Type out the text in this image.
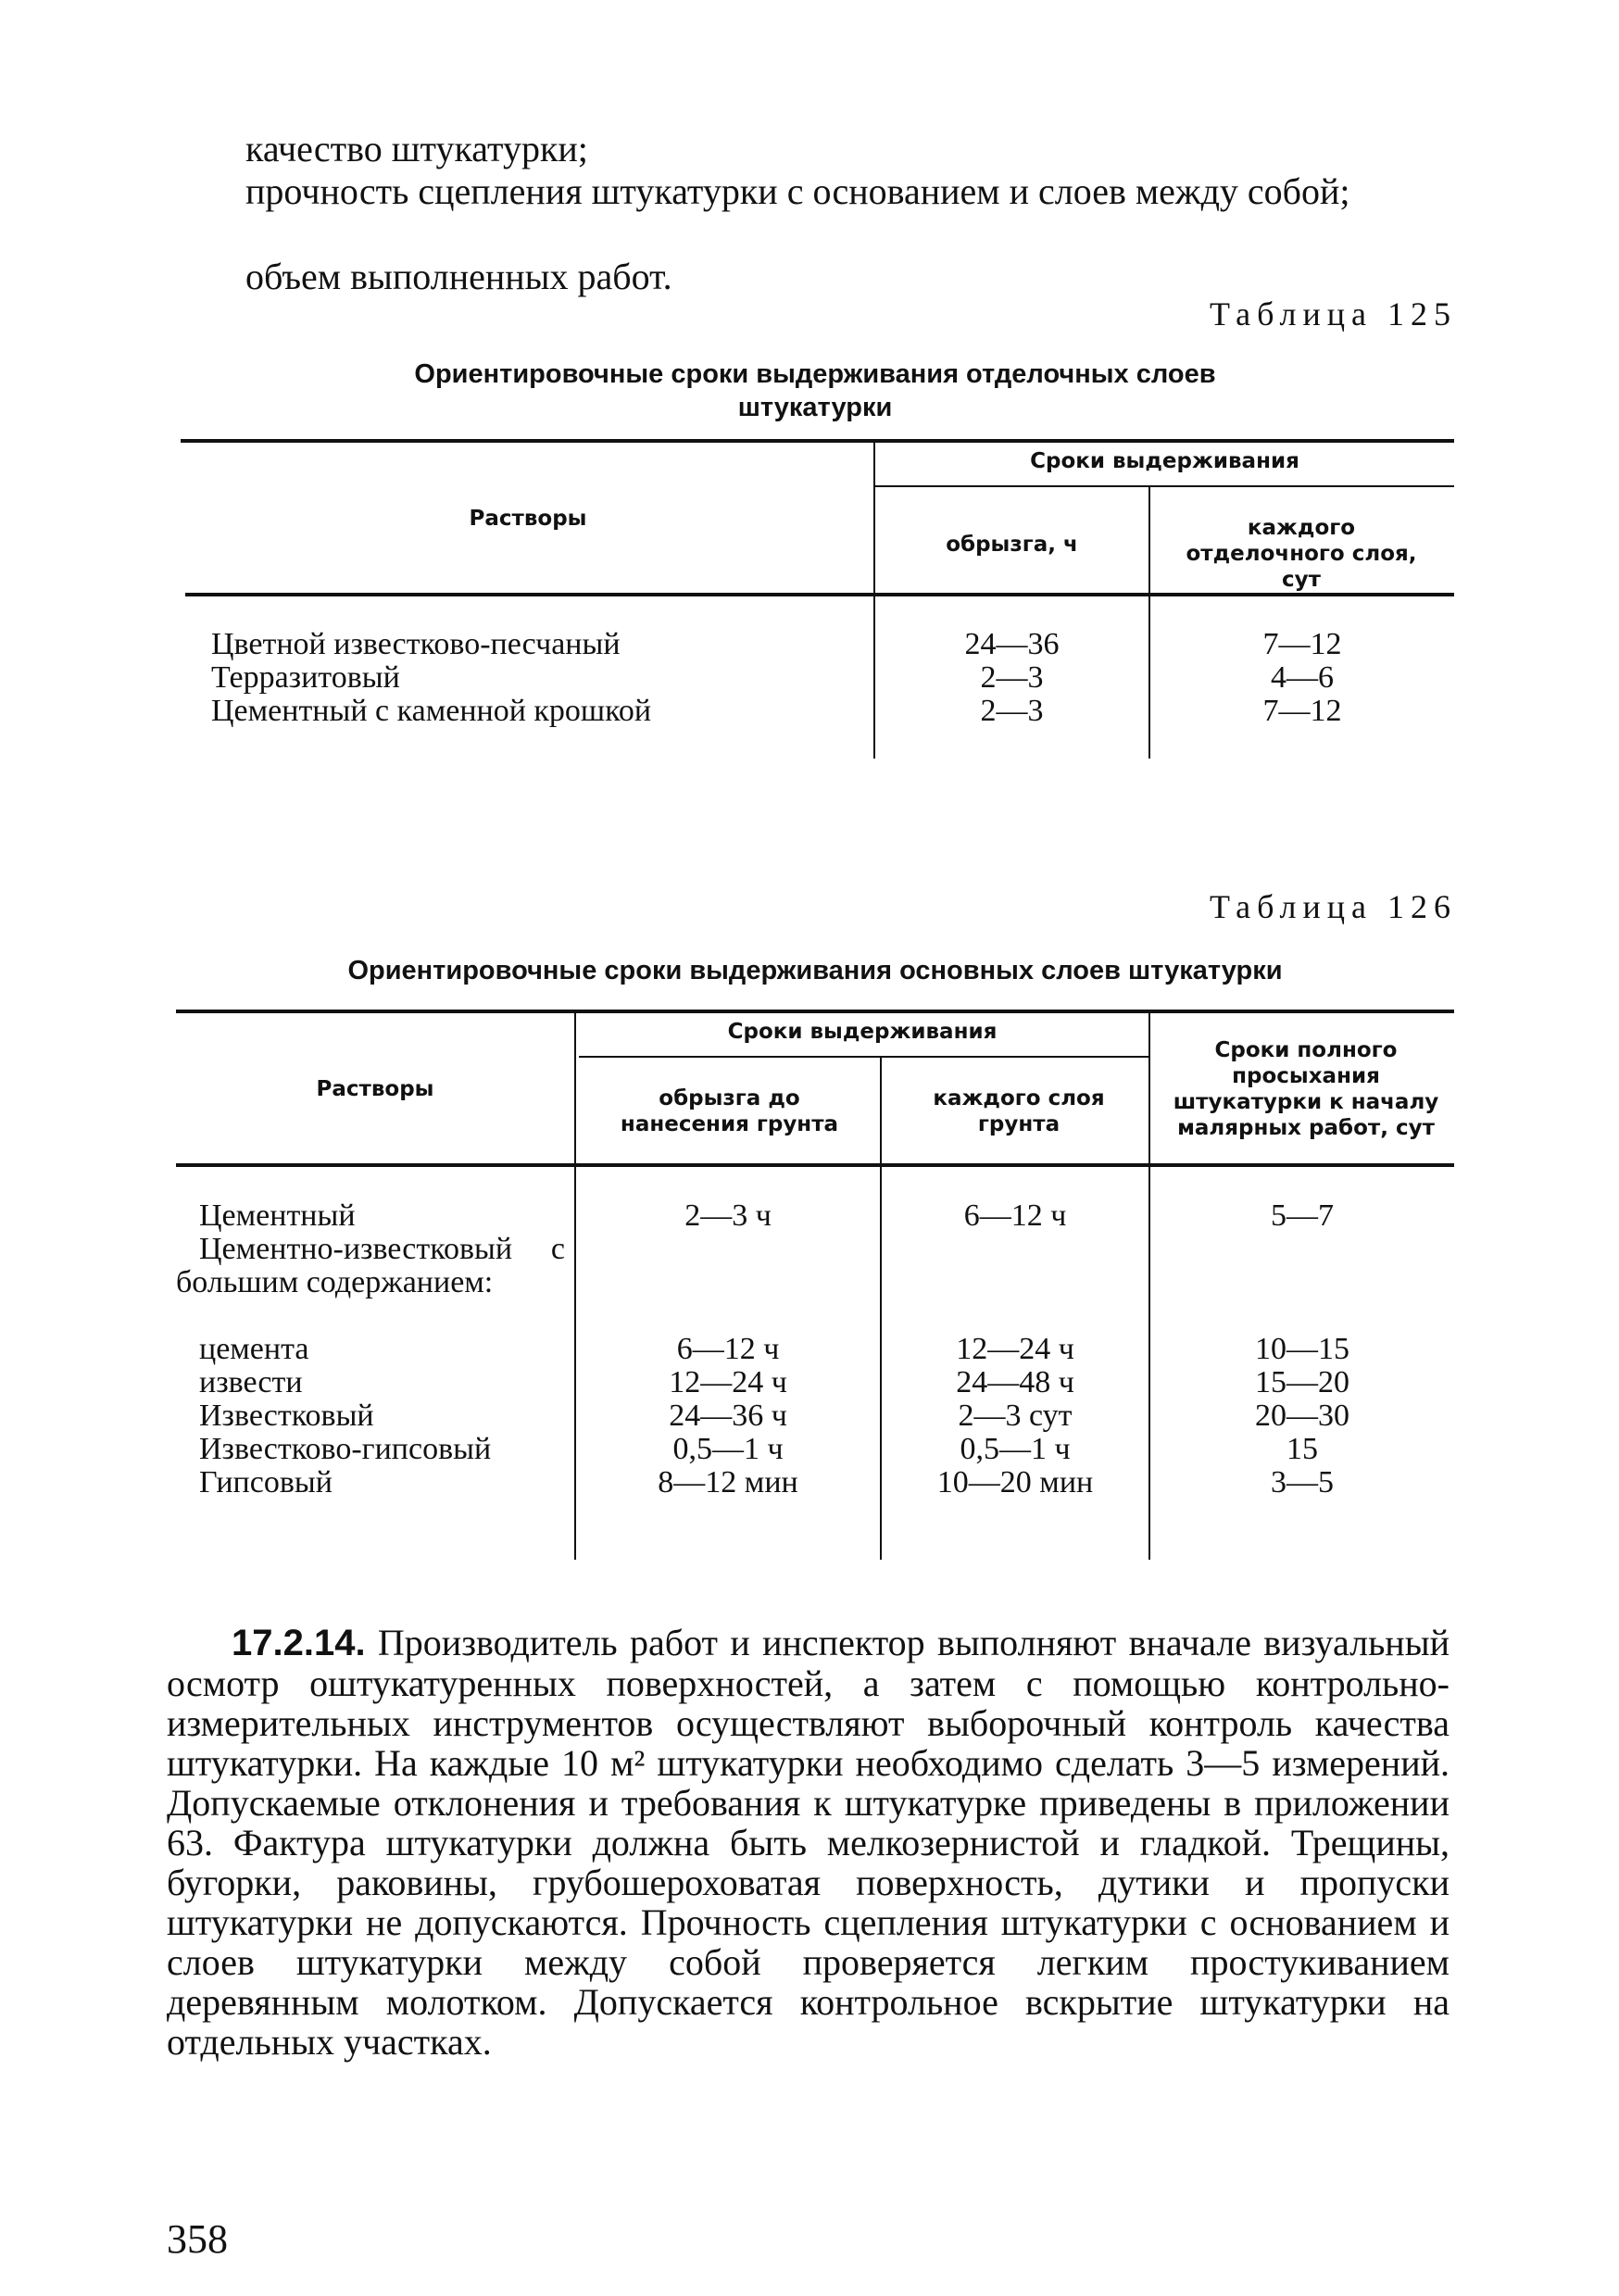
качество штукатурки;

прочность сцепления штукатурки с основанием и слоев между собой;

объем выполненных работ.

Таблица 125
Ориентировочные сроки выдерживания отделочных слоев штукатурки
Растворы
Сроки выдерживания
обрызга, ч
каждого отделочного слоя, сут
Цветной известково-песчаный	24—36	7—12
Терразитовый	2—3	4—6
Цементный с каменной крошкой	2—3	7—12
Таблица 126
Ориентировочные сроки выдерживания основных слоев штукатурки
Растворы
Сроки выдерживания
обрызга до нанесения грунта
каждого слоя грунта
Сроки полного просыхания штукатурки к началу малярных работ, сут
Цементный	2—3 ч	6—12 ч	5—7

Цементно-известковый с большим содержанием:

цемента	6—12 ч	12—24 ч	10—15
извести	12—24 ч	24—48 ч	15—20
Известковый	24—36 ч	2—3 сут	20—30
Известково-гипсовый	0,5—1 ч	0,5—1 ч	15
Гипсовый	8—12 мин	10—20 мин	3—5

17.2.14. Производитель работ и инспектор выполняют вначале визуальный осмотр оштукатуренных поверхностей, а затем с помощью контрольно-измерительных инструментов осуществляют выборочный контроль качества штукатурки. На каждые 10 м² штукатурки необходимо сделать 3—5 измерений. Допускаемые отклонения и требования к штукатурке приведены в приложении 63. Фактура штукатурки должна быть мелкозернистой и гладкой. Трещины, бугорки, раковины, грубошероховатая поверхность, дутики и пропуски штукатурки не допускаются. Прочность сцепления штукатурки с основанием и слоев штукатурки между собой проверяется легким простукиванием деревянным молотком. Допускается контрольное вскрытие штукатурки на отдельных участках.

358
